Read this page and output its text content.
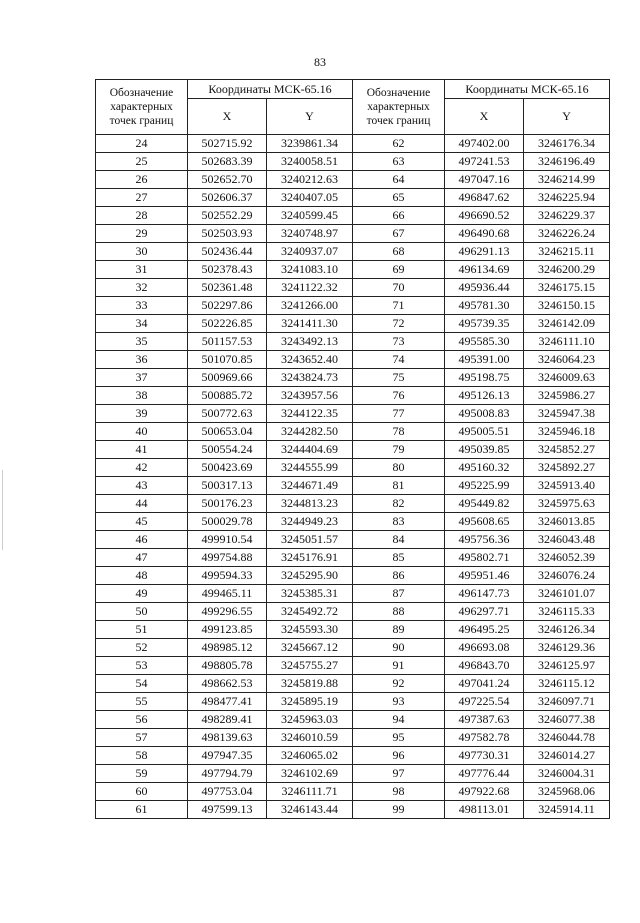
83
Обозначение характерных точек границ	Координаты МСК-65.16		Обозначение характерных точек границ	Координаты МСК-65.16	
	X	Y		X	Y
24	502715.92	3239861.34	62	497402.00	3246176.34
25	502683.39	3240058.51	63	497241.53	3246196.49
26	502652.70	3240212.63	64	497047.16	3246214.99
27	502606.37	3240407.05	65	496847.62	3246225.94
28	502552.29	3240599.45	66	496690.52	3246229.37
29	502503.93	3240748.97	67	496490.68	3246226.24
30	502436.44	3240937.07	68	496291.13	3246215.11
31	502378.43	3241083.10	69	496134.69	3246200.29
32	502361.48	3241122.32	70	495936.44	3246175.15
33	502297.86	3241266.00	71	495781.30	3246150.15
34	502226.85	3241411.30	72	495739.35	3246142.09
35	501157.53	3243492.13	73	495585.30	3246111.10
36	501070.85	3243652.40	74	495391.00	3246064.23
37	500969.66	3243824.73	75	495198.75	3246009.63
38	500885.72	3243957.56	76	495126.13	3245986.27
39	500772.63	3244122.35	77	495008.83	3245947.38
40	500653.04	3244282.50	78	495005.51	3245946.18
41	500554.24	3244404.69	79	495039.85	3245852.27
42	500423.69	3244555.99	80	495160.32	3245892.27
43	500317.13	3244671.49	81	495225.99	3245913.40
44	500176.23	3244813.23	82	495449.82	3245975.63
45	500029.78	3244949.23	83	495608.65	3246013.85
46	499910.54	3245051.57	84	495756.36	3246043.48
47	499754.88	3245176.91	85	495802.71	3246052.39
48	499594.33	3245295.90	86	495951.46	3246076.24
49	499465.11	3245385.31	87	496147.73	3246101.07
50	499296.55	3245492.72	88	496297.71	3246115.33
51	499123.85	3245593.30	89	496495.25	3246126.34
52	498985.12	3245667.12	90	496693.08	3246129.36
53	498805.78	3245755.27	91	496843.70	3246125.97
54	498662.53	3245819.88	92	497041.24	3246115.12
55	498477.41	3245895.19	93	497225.54	3246097.71
56	498289.41	3245963.03	94	497387.63	3246077.38
57	498139.63	3246010.59	95	497582.78	3246044.78
58	497947.35	3246065.02	96	497730.31	3246014.27
59	497794.79	3246102.69	97	497776.44	3246004.31
60	497753.04	3246111.71	98	497922.68	3245968.06
61	497599.13	3246143.44	99	498113.01	3245914.11
